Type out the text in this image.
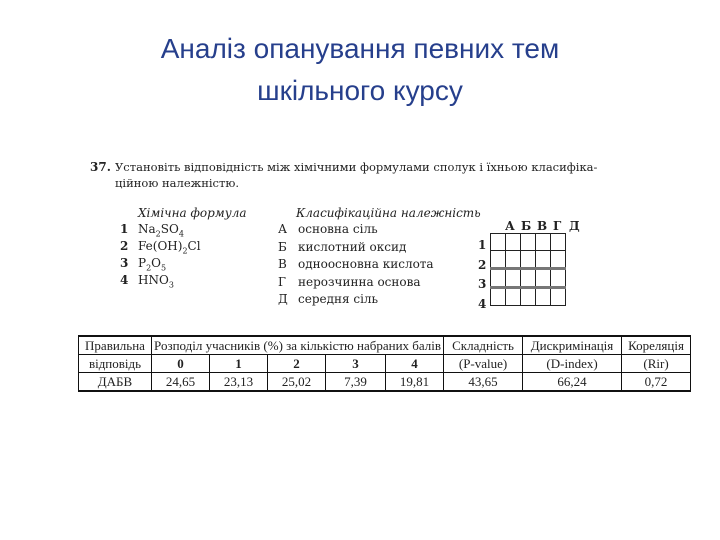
Аналіз опанування певних тем
шкільного курсу
37. Установіть відповідність між хімічними формулами сполук і їхньою класифіка-
ційною належністю.
Хімічна формула	Класифікаційна належність
1 $Na_2SO_4$
2 $Fe(OH)_2Cl$
3 $P_2O_5$
4 $HNO_3$
А основна сіль
Б кислотний оксид
В одноосновна кислота
Г нерозчинна основа
Д середня сіль
А Б В Г Д
1
2
3
4

Правильна	Розподіл учасників (%) за кількістю набраних балів					Складність	Дискримінація	Кореляція
відповідь	0	1	2	3	4	(P-value)	(D-index)	(Rir)
ДАБВ	24,65	23,13	25,02	7,39	19,81	43,65	66,24	0,72
